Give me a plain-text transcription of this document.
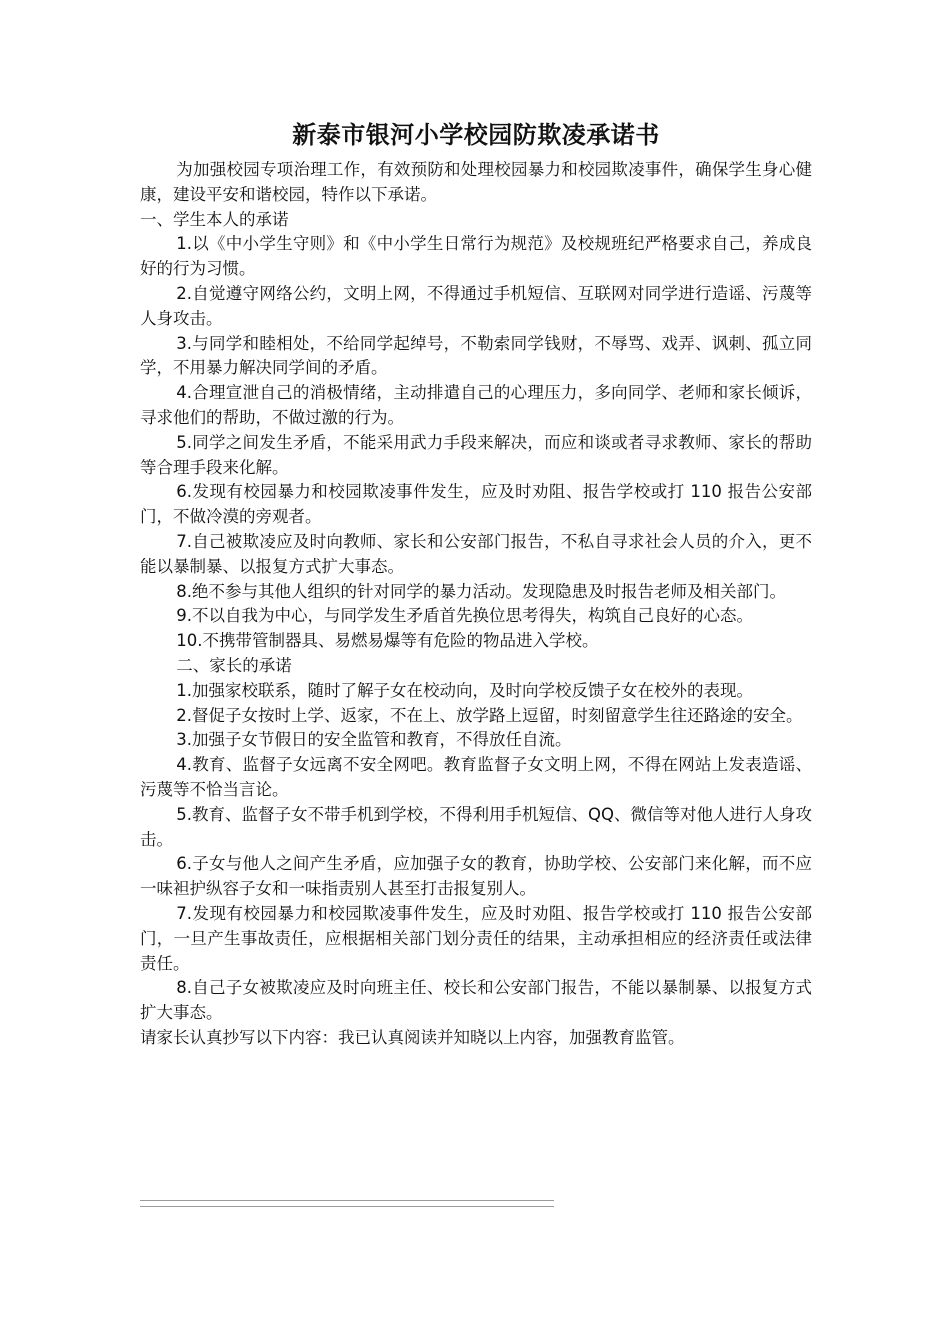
新泰市银河小学校园防欺凌承诺书

为加强校园专项治理工作，有效预防和处理校园暴力和校园欺凌事件，确保学生身心健康，建设平安和谐校园，特作以下承诺。

一、学生本人的承诺

1.以《中小学生守则》和《中小学生日常行为规范》及校规班纪严格要求自己，养成良好的行为习惯。

2.自觉遵守网络公约，文明上网，不得通过手机短信、互联网对同学进行造谣、污蔑等人身攻击。

3.与同学和睦相处，不给同学起绰号，不勒索同学钱财，不辱骂、戏弄、讽刺、孤立同学，不用暴力解决同学间的矛盾。

4.合理宣泄自己的消极情绪，主动排遣自己的心理压力，多向同学、老师和家长倾诉，寻求他们的帮助，不做过激的行为。

5.同学之间发生矛盾，不能采用武力手段来解决，而应和谈或者寻求教师、家长的帮助等合理手段来化解。

6.发现有校园暴力和校园欺凌事件发生，应及时劝阻、报告学校或打 110 报告公安部门，不做冷漠的旁观者。

7.自己被欺凌应及时向教师、家长和公安部门报告，不私自寻求社会人员的介入，更不能以暴制暴、以报复方式扩大事态。

8.绝不参与其他人组织的针对同学的暴力活动。发现隐患及时报告老师及相关部门。

9.不以自我为中心，与同学发生矛盾首先换位思考得失，构筑自己良好的心态。

10.不携带管制器具、易燃易爆等有危险的物品进入学校。

二、家长的承诺

1.加强家校联系，随时了解子女在校动向，及时向学校反馈子女在校外的表现。

2.督促子女按时上学、返家，不在上、放学路上逗留，时刻留意学生往还路途的安全。

3.加强子女节假日的安全监管和教育，不得放任自流。

4.教育、监督子女远离不安全网吧。教育监督子女文明上网，不得在网站上发表造谣、污蔑等不恰当言论。

5.教育、监督子女不带手机到学校，不得利用手机短信、QQ、微信等对他人进行人身攻击。

6.子女与他人之间产生矛盾，应加强子女的教育，协助学校、公安部门来化解，而不应一味袒护纵容子女和一味指责别人甚至打击报复别人。

7.发现有校园暴力和校园欺凌事件发生，应及时劝阻、报告学校或打 110 报告公安部门，一旦产生事故责任，应根据相关部门划分责任的结果，主动承担相应的经济责任或法律责任。

8.自己子女被欺凌应及时向班主任、校长和公安部门报告，不能以暴制暴、以报复方式扩大事态。

请家长认真抄写以下内容：我已认真阅读并知晓以上内容，加强教育监管。
